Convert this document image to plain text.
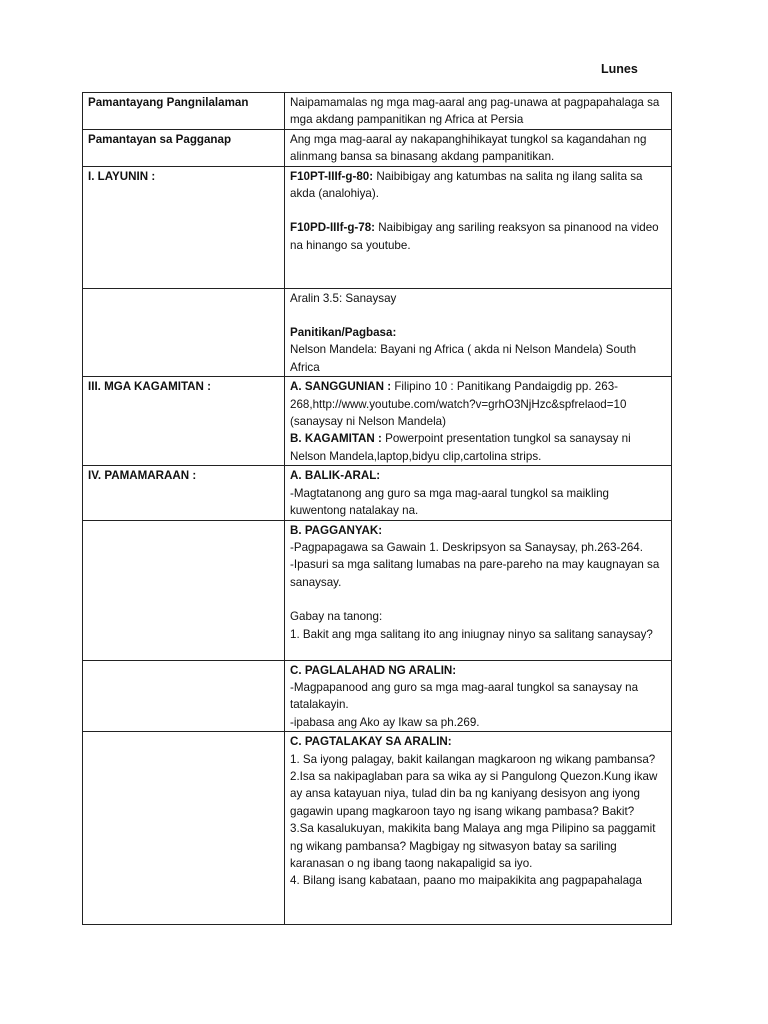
Lunes
Pamantayang Pangnilalaman	Naipamamalas ng mga mag-aaral ang pag-unawa at pagpapahalaga sa mga akdang pampanitikan ng Africa at Persia
Pamantayan sa Pagganap	Ang mga mag-aaral ay nakapanghihikayat tungkol sa kagandahan ng alinmang bansa sa binasang akdang pampanitikan.
I. LAYUNIN :	F10PT-IIIf-g-80: Naibibigay ang katumbas na salita ng ilang salita sa akda (analohiya).
F10PD-IIIf-g-78: Naibibigay ang sariling reaksyon sa pinanood na video na hinango sa youtube.

	Aralin 3.5: Sanaysay
Panitikan/Pagbasa:
Nelson Mandela: Bayani ng Africa ( akda ni Nelson Mandela) South Africa

III. MGA KAGAMITAN :	A. SANGGUNIAN : Filipino 10 : Panitikang Pandaigdig pp. 263-268,http://www.youtube.com/watch?v=grhO3NjHzc&spfrelaod=10 (sanaysay ni Nelson Mandela)
B. KAGAMITAN : Powerpoint presentation tungkol sa sanaysay ni Nelson Mandela,laptop,bidyu clip,cartolina strips.

IV. PAMAMARAAN :	A. BALIK-ARAL:
-Magtatanong ang guro sa mga mag-aaral tungkol sa maikling kuwentong natalakay na.

	B. PAGGANYAK:
-Pagpapagawa sa Gawain 1. Deskripsyon sa Sanaysay, ph.263-264.
-Ipasuri sa mga salitang lumabas na pare-pareho na may kaugnayan sa sanaysay.
Gabay na tanong:
1. Bakit ang mga salitang ito ang iniugnay ninyo sa salitang sanaysay?

	C. PAGLALAHAD NG ARALIN:
-Magpapanood ang guro sa mga mag-aaral tungkol sa sanaysay na tatalakayin.
-ipabasa ang Ako ay Ikaw sa ph.269.

	C. PAGTALAKAY SA ARALIN:
1. Sa iyong palagay, bakit kailangan magkaroon ng wikang pambansa?
2.Isa sa nakipaglaban para sa wika ay si Pangulong Quezon.Kung ikaw ay ansa katayuan niya, tulad din ba ng kaniyang desisyon ang iyong gagawin upang magkaroon tayo ng isang wikang pambasa? Bakit?
3.Sa kasalukuyan, makikita bang Malaya ang mga Pilipino sa paggamit ng wikang pambansa? Magbigay ng sitwasyon batay sa sariling karanasan o ng ibang taong nakapaligid sa iyo.
4. Bilang isang kabataan, paano mo maipakikita ang pagpapahalaga
